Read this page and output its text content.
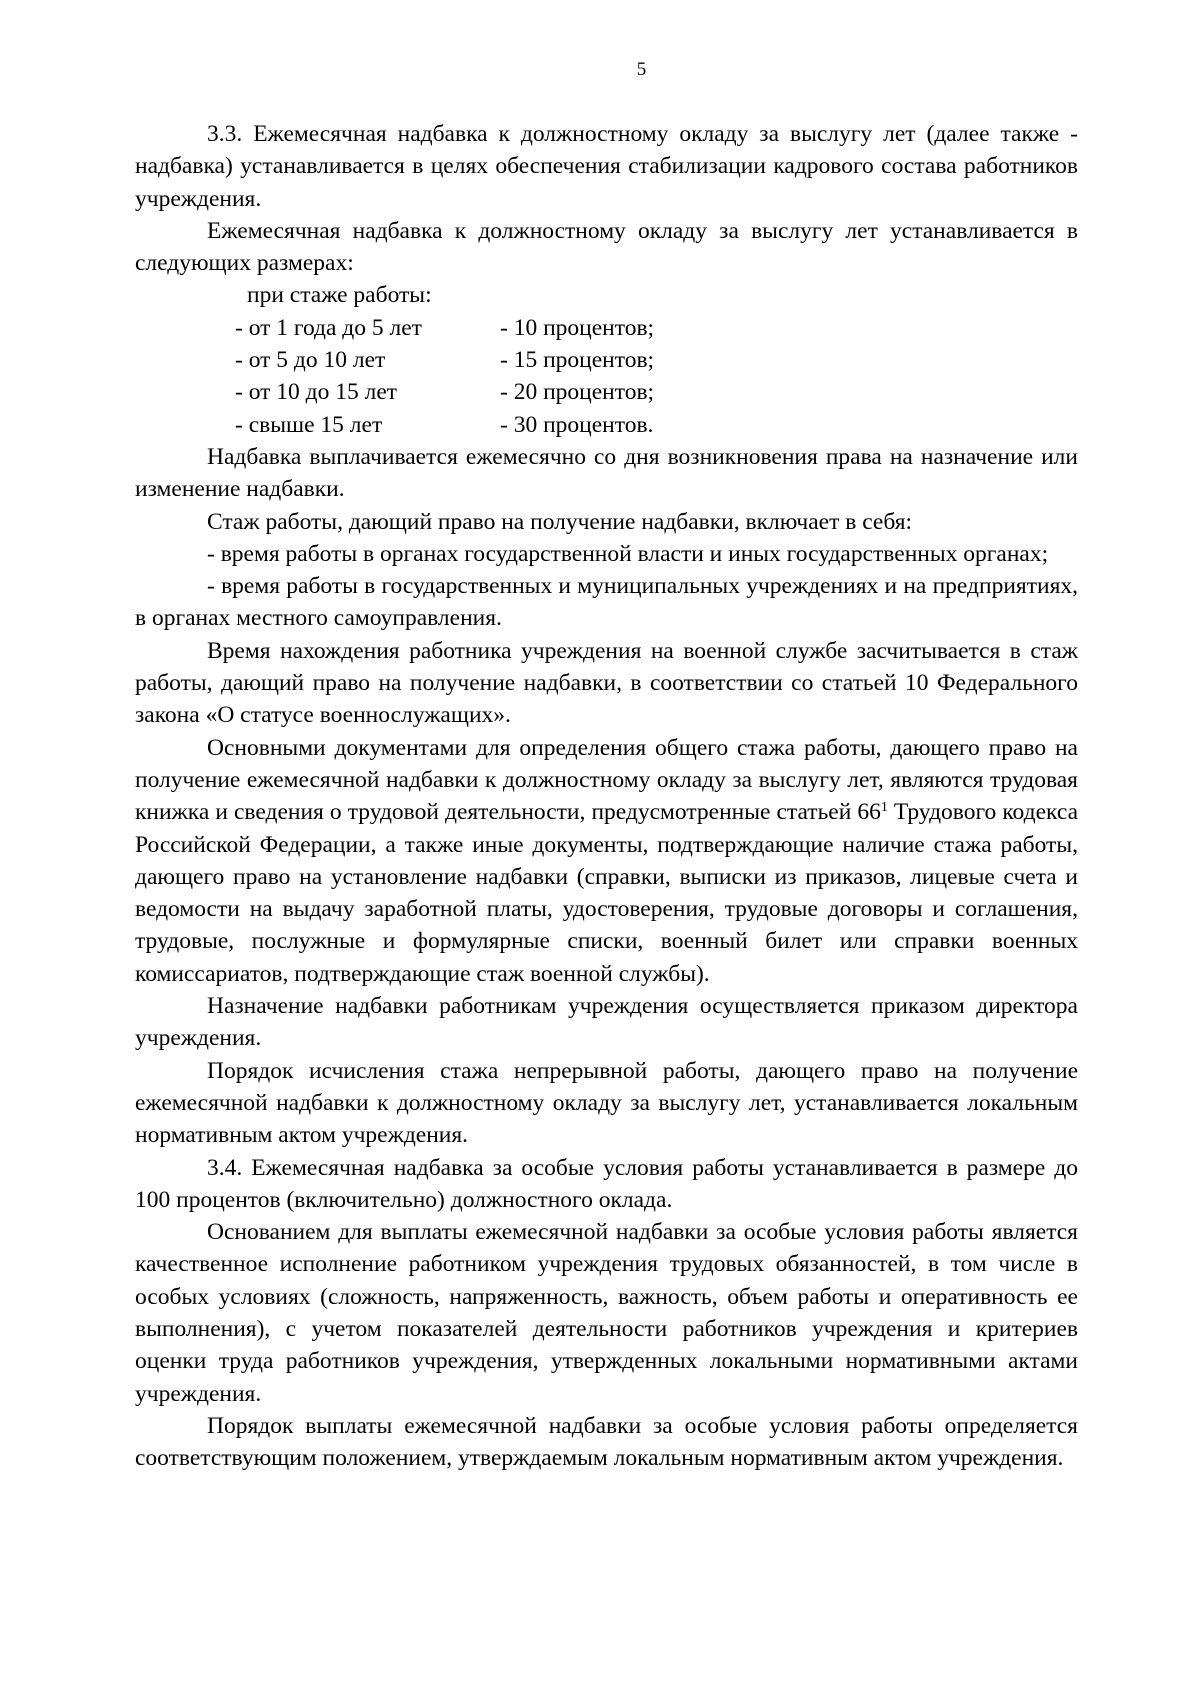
5

3.3. Ежемесячная надбавка к должностному окладу за выслугу лет (далее также - надбавка) устанавливается в целях обеспечения стабилизации кадрового состава работников учреждения.

Ежемесячная надбавка к должностному окладу за выслугу лет устанавливается в следующих размерах:

при стаже работы:
- от 1 года до 5 лет	- 10 процентов;
- от 5 до 10 лет	- 15 процентов;
- от 10 до 15 лет	- 20 процентов;
- свыше 15 лет	- 30 процентов.

Надбавка выплачивается ежемесячно со дня возникновения права на назначение или изменение надбавки.

Стаж работы, дающий право на получение надбавки, включает в себя:

- время работы в органах государственной власти и иных государственных органах;

- время работы в государственных и муниципальных учреждениях и на предприятиях, в органах местного самоуправления.

Время нахождения работника учреждения на военной службе засчитывается в стаж работы, дающий право на получение надбавки, в соответствии со статьей 10 Федерального закона «О статусе военнослужащих».

Основными документами для определения общего стажа работы, дающего право на получение ежемесячной надбавки к должностному окладу за выслугу лет, являются трудовая книжка и сведения о трудовой деятельности, предусмотренные статьей $66^1$ Трудового кодекса Российской Федерации, а также иные документы, подтверждающие наличие стажа работы, дающего право на установление надбавки (справки, выписки из приказов, лицевые счета и ведомости на выдачу заработной платы, удостоверения, трудовые договоры и соглашения, трудовые, послужные и формулярные списки, военный билет или справки военных комиссариатов, подтверждающие стаж военной службы).

Назначение надбавки работникам учреждения осуществляется приказом директора учреждения.

Порядок исчисления стажа непрерывной работы, дающего право на получение ежемесячной надбавки к должностному окладу за выслугу лет, устанавливается локальным нормативным актом учреждения.

3.4. Ежемесячная надбавка за особые условия работы устанавливается в размере до 100 процентов (включительно) должностного оклада.

Основанием для выплаты ежемесячной надбавки за особые условия работы является качественное исполнение работником учреждения трудовых обязанностей, в том числе в особых условиях (сложность, напряженность, важность, объем работы и оперативность ее выполнения), с учетом показателей деятельности работников учреждения и критериев оценки труда работников учреждения, утвержденных локальными нормативными актами учреждения.

Порядок выплаты ежемесячной надбавки за особые условия работы определяется соответствующим положением, утверждаемым локальным нормативным актом учреждения.
